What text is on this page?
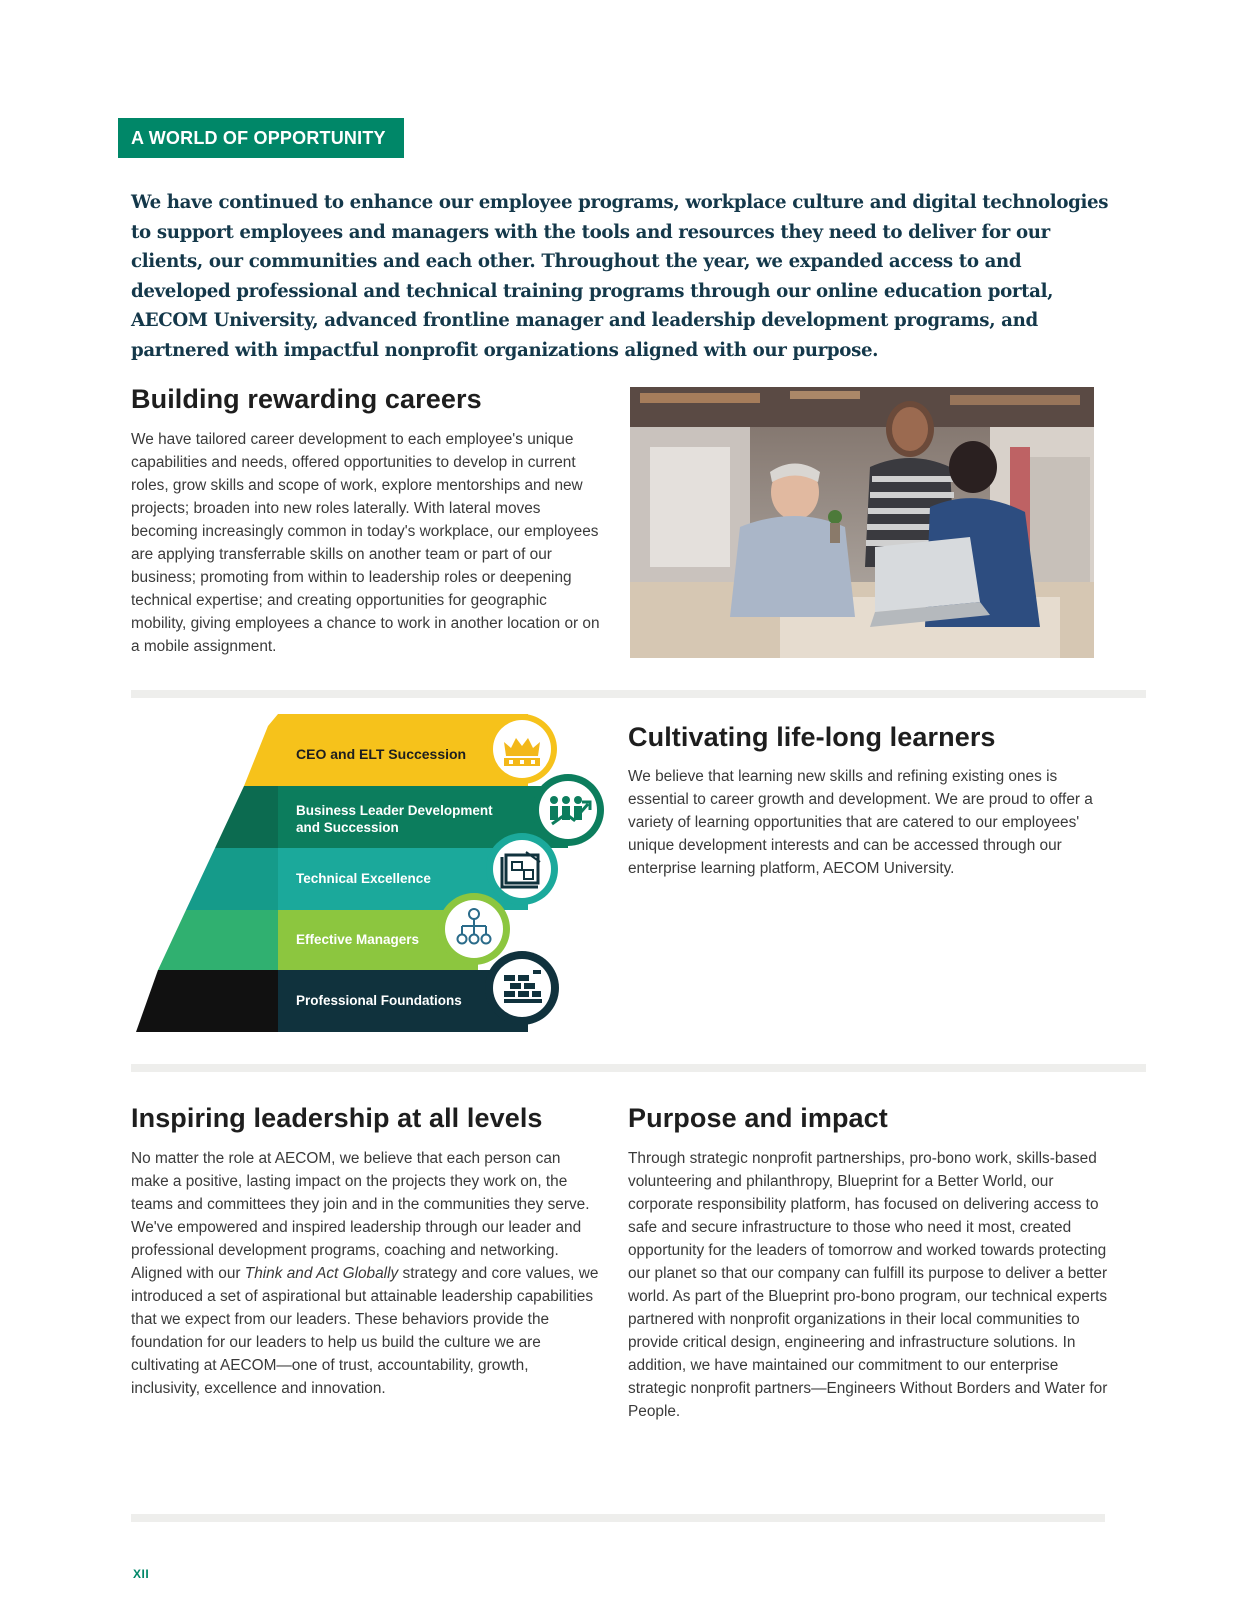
A WORLD OF OPPORTUNITY

We have continued to enhance our employee programs, workplace culture and digital technologies to support employees and managers with the tools and resources they need to deliver for our clients, our communities and each other. Throughout the year, we expanded access to and developed professional and technical training programs through our online education portal, AECOM University, advanced frontline manager and leadership development programs, and partnered with impactful nonprofit organizations aligned with our purpose.

Building rewarding careers

We have tailored career development to each employee's unique capabilities and needs, offered opportunities to develop in current roles, grow skills and scope of work, explore mentorships and new projects; broaden into new roles laterally. With lateral moves becoming increasingly common in today's workplace, our employees are applying transferrable skills on another team or part of our business; promoting from within to leadership roles or deepening technical expertise; and creating opportunities for geographic mobility, giving employees a chance to work in another location or on a mobile assignment.

CEO and ELT Succession
Business Leader Development
and Succession
Technical Excellence
Effective Managers
Professional Foundations
Cultivating life-long learners

We believe that learning new skills and refining existing ones is essential to career growth and development. We are proud to offer a variety of learning opportunities that are catered to our employees' unique development interests and can be accessed through our enterprise learning platform, AECOM University.

Inspiring leadership at all levels

No matter the role at AECOM, we believe that each person can make a positive, lasting impact on the projects they work on, the teams and committees they join and in the communities they serve. We've empowered and inspired leadership through our leader and professional development programs, coaching and networking. Aligned with our Think and Act Globally strategy and core values, we introduced a set of aspirational but attainable leadership capabilities that we expect from our leaders. These behaviors provide the foundation for our leaders to help us build the culture we are cultivating at AECOM—one of trust, accountability, growth, inclusivity, excellence and innovation.

Purpose and impact

Through strategic nonprofit partnerships, pro-bono work, skills-based volunteering and philanthropy, Blueprint for a Better World, our corporate responsibility platform, has focused on delivering access to safe and secure infrastructure to those who need it most, created opportunity for the leaders of tomorrow and worked towards protecting our planet so that our company can fulfill its purpose to deliver a better world. As part of the Blueprint pro-bono program, our technical experts partnered with nonprofit organizations in their local communities to provide critical design, engineering and infrastructure solutions. In addition, we have maintained our commitment to our enterprise strategic nonprofit partners—Engineers Without Borders and Water for People.

XII
